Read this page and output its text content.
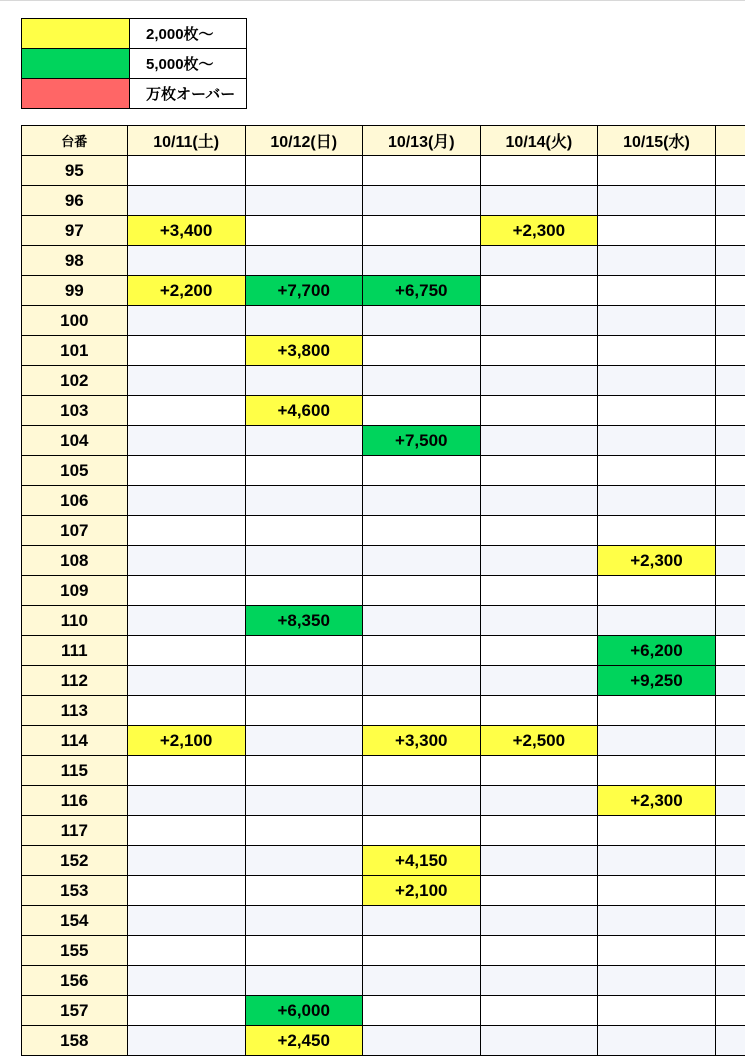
	2,000枚～
	5,000枚～
	万枚オーバー
台番	10/11(土)	10/12(日)	10/13(月)	10/14(火)	10/15(水)	
95						
96						
97	+3,400			+2,300		
98						
99	+2,200	+7,700	+6,750			
100						
101		+3,800				
102						
103		+4,600				
104			+7,500			
105						
106						
107						
108					+2,300	
109						
110		+8,350				
111					+6,200	
112					+9,250	
113						
114	+2,100		+3,300	+2,500		
115						
116					+2,300	
117						
152			+4,150			
153			+2,100			
154						
155						
156						
157		+6,000				
158		+2,450				
